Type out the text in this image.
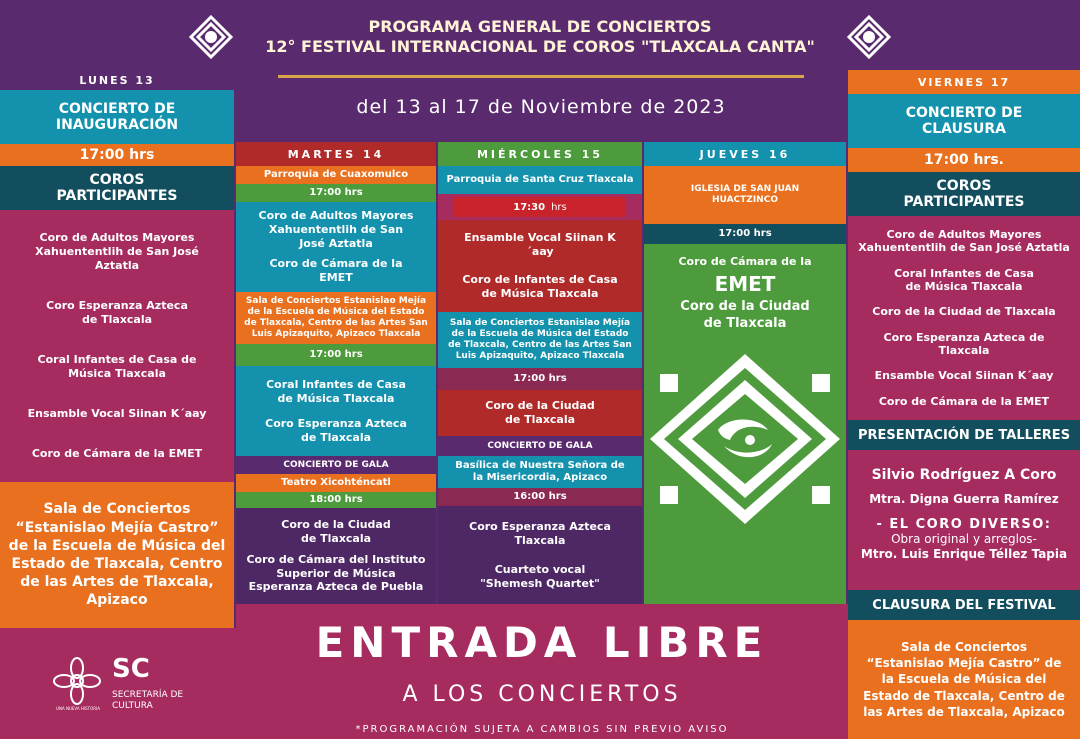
PROGRAMA GENERAL DE CONCIERTOS
12° FESTIVAL INTERNACIONAL DE COROS "TLAXCALA CANTA"
del 13 al 17 de Noviembre de 2023
LUNES 13
CONCIERTO DE INAUGURACIÓN
17:00 hrs
COROS PARTICIPANTES
Coro de Adultos Mayores Xahuententlih de San José Aztatla
Coro Esperanza Azteca de Tlaxcala
Coral Infantes de Casa de Música Tlaxcala
Ensamble Vocal Siinan K´aay
Coro de Cámara de la EMET
Sala de Conciertos “Estanislao Mejía Castro” de la Escuela de Música del Estado de Tlaxcala, Centro de las Artes de Tlaxcala, Apizaco
MARTES 14
Parroquia de Cuaxomulco
17:00 hrs
Coro de Adultos Mayores Xahuententlih de San José Aztatla
Coro de Cámara de la EMET
Sala de Conciertos Estanislao Mejía de la Escuela de Música del Estado de Tlaxcala, Centro de las Artes San Luis Apizaquito, Apizaco Tlaxcala
17:00 hrs
Coral Infantes de Casa de Música Tlaxcala
Coro Esperanza Azteca de Tlaxcala
CONCIERTO DE GALA
Teatro Xicohténcatl
18:00 hrs
Coro de la Ciudad de Tlaxcala
Coro de Cámara del Instituto Superior de Música Esperanza Azteca de Puebla
MIÉRCOLES 15
Parroquia de Santa Cruz Tlaxcala
17:30 hrs
Ensamble Vocal Siinan K´aay
Coro de Infantes de Casa de Música Tlaxcala
Sala de Conciertos Estanislao Mejía de la Escuela de Música del Estado de Tlaxcala, Centro de las Artes San Luis Apizaquito, Apizaco Tlaxcala
17:00 hrs
Coro de la Ciudad de Tlaxcala
CONCIERTO DE GALA
Basílica de Nuestra Señora de la Misericordia, Apizaco
16:00 hrs
Coro Esperanza Azteca Tlaxcala
Cuarteto vocal "Shemesh Quartet"
JUEVES 16
IGLESIA DE SAN JUAN HUACTZINCO
17:00 hrs
Coro de Cámara de la
EMET
Coro de la Ciudad de Tlaxcala
VIERNES 17
CONCIERTO DE CLAUSURA
17:00 hrs.
COROS PARTICIPANTES
Coro de Adultos Mayores Xahuententlih de San José Aztatla
Coral Infantes de Casa de Música Tlaxcala
Coro de la Ciudad de Tlaxcala
Coro Esperanza Azteca de Tlaxcala
Ensamble Vocal Siinan K´aay
Coro de Cámara de la EMET
PRESENTACIÓN DE TALLERES
Silvio Rodríguez A Coro
Mtra. Digna Guerra Ramírez
- EL CORO DIVERSO:
Obra original y arreglos-
Mtro. Luis Enrique Téllez Tapia
CLAUSURA DEL FESTIVAL
Sala de Conciertos “Estanislao Mejía Castro” de la Escuela de Música del Estado de Tlaxcala, Centro de las Artes de Tlaxcala, Apizaco
ENTRADA LIBRE
A LOS CONCIERTOS
*PROGRAMACIÓN SUJETA A CAMBIOS SIN PREVIO AVISO
UNA NUEVA HISTORIA
SC
SECRETARÍA DE CULTURA
